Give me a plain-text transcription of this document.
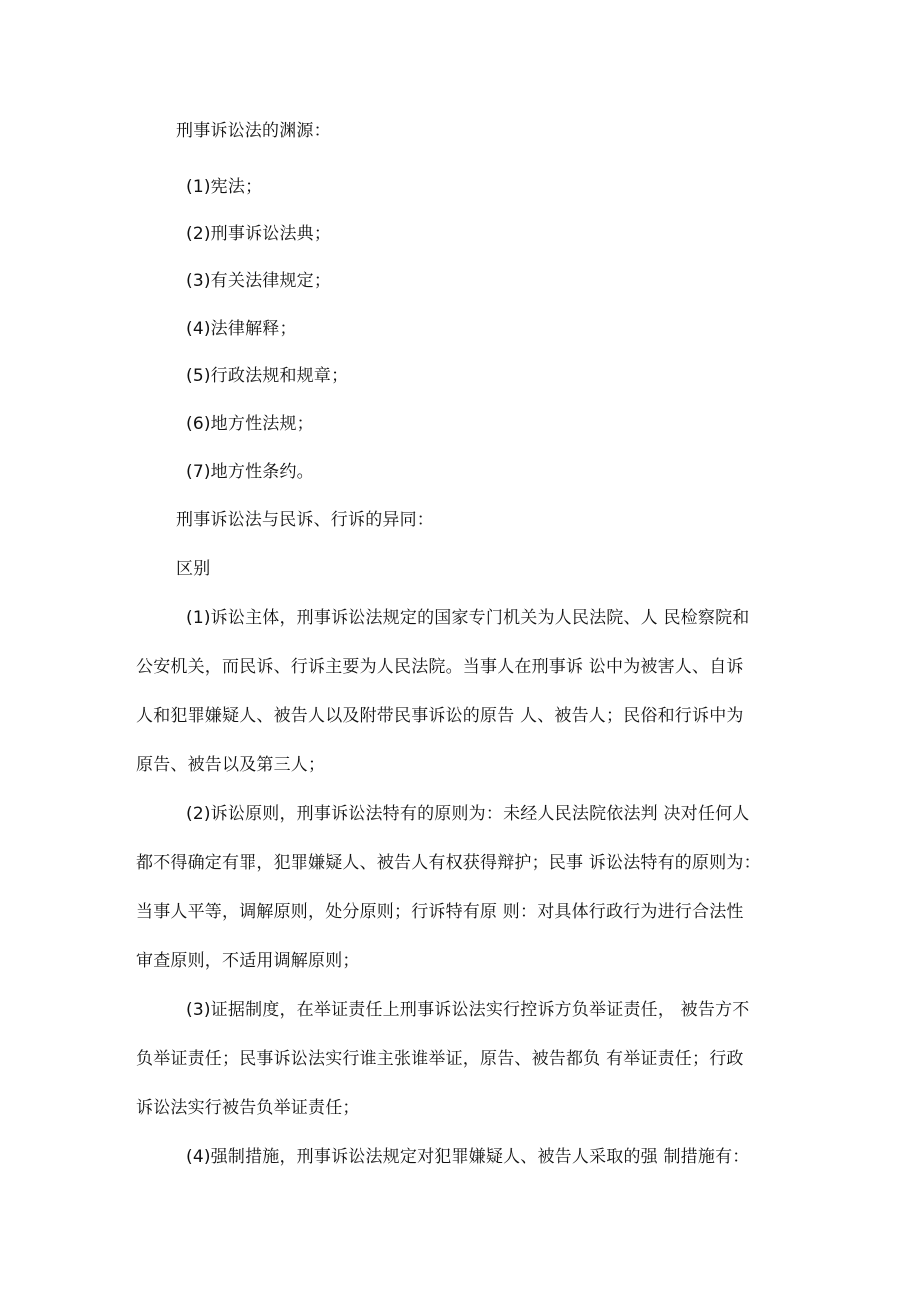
刑事诉讼法的渊源：
(1)宪法；
(2)刑事诉讼法典；
(3)有关法律规定；
(4)法律解释；
(5)行政法规和规章；
(6)地方性法规；
(7)地方性条约。
刑事诉讼法与民诉、行诉的异同：
区别
(1)诉讼主体，刑事诉讼法规定的国家专门机关为人民法院、人 民检察院和
公安机关，而民诉、行诉主要为人民法院。当事人在刑事诉 讼中为被害人、自诉
人和犯罪嫌疑人、被告人以及附带民事诉讼的原告 人、被告人；民俗和行诉中为
原告、被告以及第三人；
(2)诉讼原则，刑事诉讼法特有的原则为：未经人民法院依法判 决对任何人
都不得确定有罪，犯罪嫌疑人、被告人有权获得辩护；民事 诉讼法特有的原则为：
当事人平等，调解原则，处分原则；行诉特有原 则：对具体行政行为进行合法性
审查原则，不适用调解原则；
(3)证据制度，在举证责任上刑事诉讼法实行控诉方负举证责任， 被告方不
负举证责任；民事诉讼法实行谁主张谁举证，原告、被告都负 有举证责任；行政
诉讼法实行被告负举证责任；
(4)强制措施，刑事诉讼法规定对犯罪嫌疑人、被告人采取的强 制措施有：
